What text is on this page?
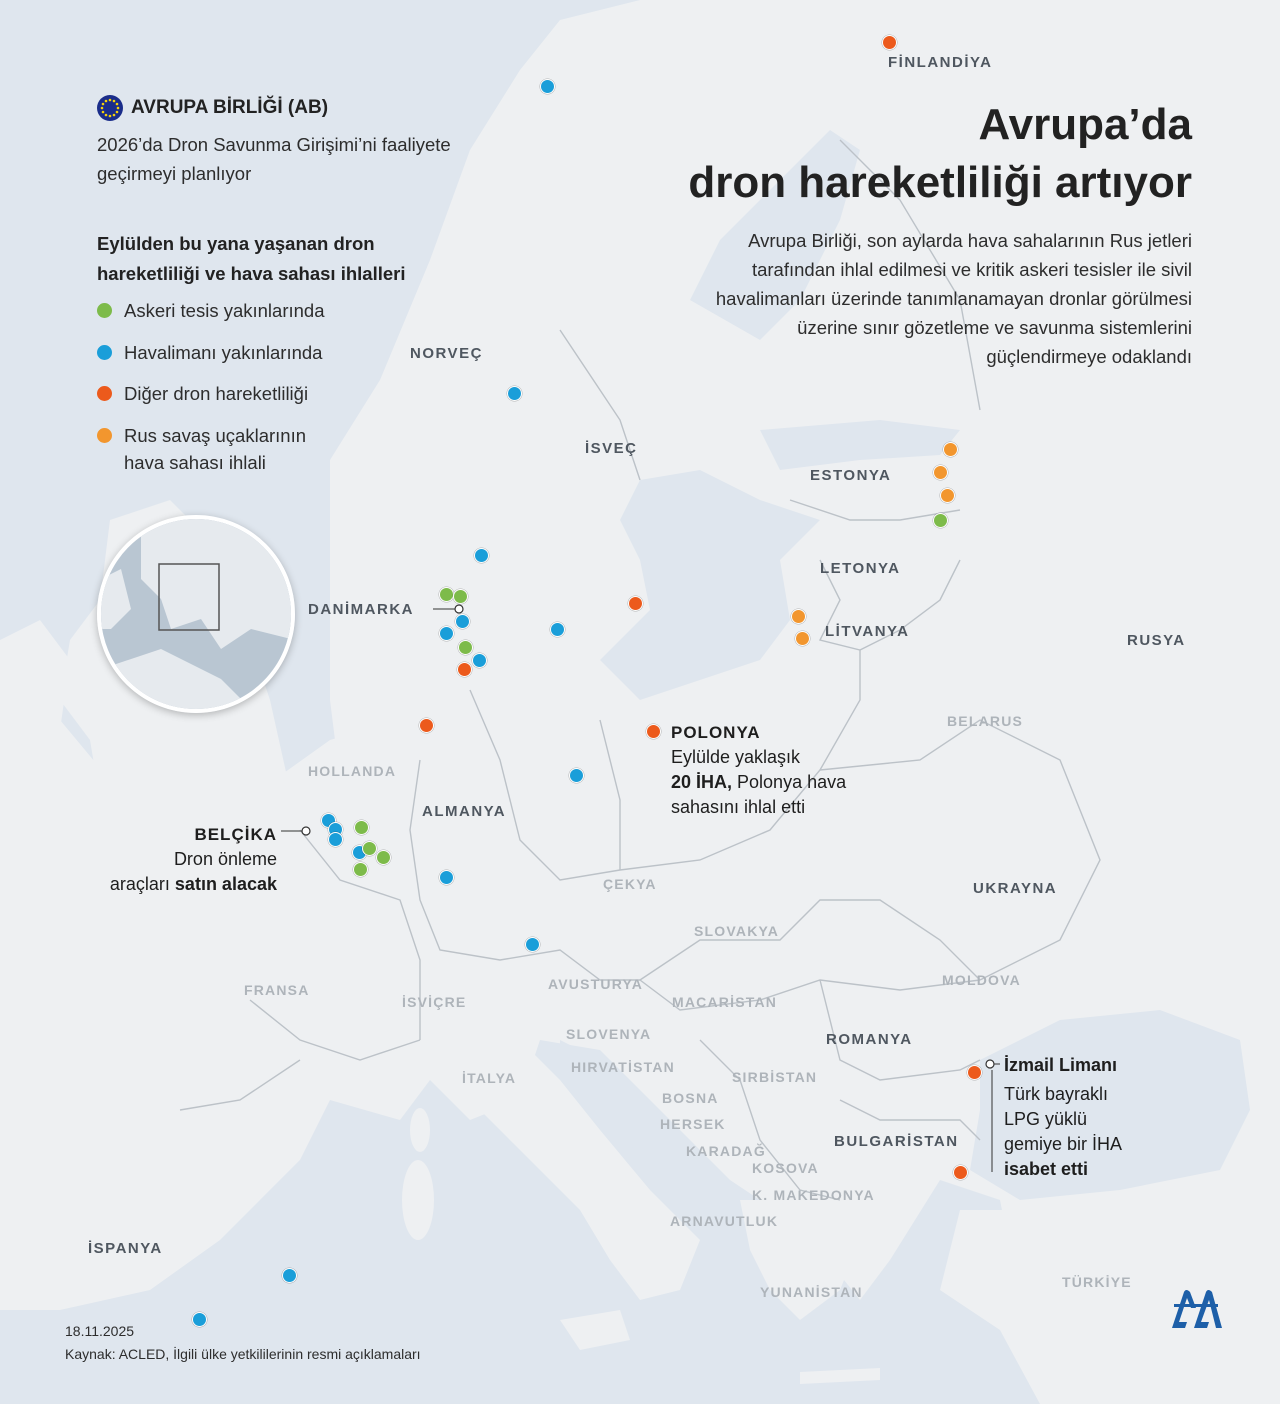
Avrupa’da
dron hareketliliği artıyor
Avrupa Birliği, son aylarda hava sahalarının Rus jetleri tarafından ihlal edilmesi ve kritik askeri tesisler ile sivil havalimanları üzerinde tanımlanamayan dronlar görülmesi üzerine sınır gözetleme ve savunma sistemlerini güçlendirmeye odaklandı
AVRUPA BİRLİĞİ (AB)
2026’da Dron Savunma Girişimi’ni faaliyete geçirmeyi planlıyor
Eylülden bu yana yaşanan dron hareketliliği ve hava sahası ihlalleri
Askeri tesis yakınlarında
Havalimanı yakınlarında
Diğer dron hareketliliği
Rus savaş uçaklarının
hava sahası ihlali
FİNLANDİYA
NORVEÇ
İSVEÇ
ESTONYA
LETONYA
LİTVANYA
RUSYA
DANİMARKA
BELARUS
HOLLANDA
ALMANYA
ÇEKYA
SLOVAKYA
UKRAYNA
FRANSA
İSVİÇRE
AVUSTURYA
MACARİSTAN
MOLDOVA
SLOVENYA	ROMANYA
HIRVATİSTAN
İTALYA	SIRBİSTAN
BOSNA
HERSEK
KARADAĞ
BULGARİSTAN
KOSOVA
K. MAKEDONYA
ARNAVUTLUK
İSPANYA
YUNANİSTAN
TÜRKİYE
POLONYA
Eylülde yaklaşık
20 İHA, Polonya hava
sahasını ihlal etti
BELÇİKA
Dron önleme
araçları satın alacak
İzmail Limanı
Türk bayraklı
LPG yüklü
gemiye bir İHA
isabet etti
18.11.2025
Kaynak: ACLED, İlgili ülke yetkililerinin resmi açıklamaları
